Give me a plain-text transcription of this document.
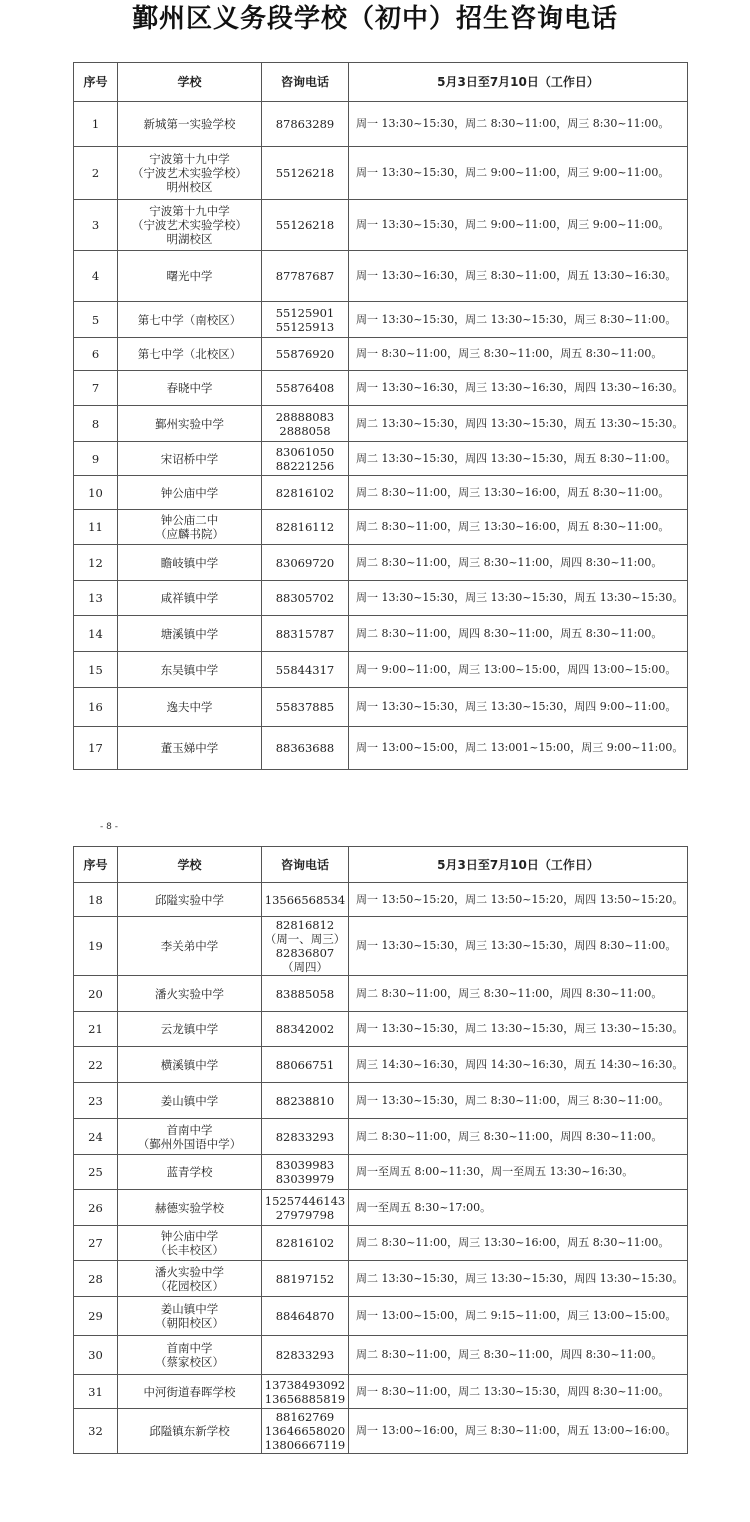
鄞州区义务段学校（初中）招生咨询电话
序号	学校	咨询电话	5月3日至7月10日（工作日）
1	新城第一实验学校	87863289	周一 13:30~15:30，周二 8:30~11:00，周三 8:30~11:00。
2	宁波第十九中学
（宁波艺术实验学校）
明州校区	55126218	周一 13:30~15:30，周二 9:00~11:00，周三 9:00~11:00。
3	宁波第十九中学
（宁波艺术实验学校）
明湖校区	55126218	周一 13:30~15:30，周二 9:00~11:00，周三 9:00~11:00。
4	曙光中学	87787687	周一 13:30~16:30，周三 8:30~11:00，周五 13:30~16:30。
5	第七中学（南校区）	55125901
55125913	周一 13:30~15:30，周二 13:30~15:30，周三 8:30~11:00。
6	第七中学（北校区）	55876920	周一 8:30~11:00，周三 8:30~11:00，周五 8:30~11:00。
7	春晓中学	55876408	周一 13:30~16:30，周三 13:30~16:30，周四 13:30~16:30。
8	鄞州实验中学	28888083
2888058	周二 13:30~15:30，周四 13:30~15:30，周五 13:30~15:30。
9	宋诏桥中学	83061050
88221256	周二 13:30~15:30，周四 13:30~15:30，周五 8:30~11:00。
10	钟公庙中学	82816102	周二 8:30~11:00，周三 13:30~16:00，周五 8:30~11:00。
11	钟公庙二中
（应麟书院）	82816112	周二 8:30~11:00，周三 13:30~16:00，周五 8:30~11:00。
12	瞻岐镇中学	83069720	周二 8:30~11:00，周三 8:30~11:00，周四 8:30~11:00。
13	咸祥镇中学	88305702	周一 13:30~15:30，周三 13:30~15:30，周五 13:30~15:30。
14	塘溪镇中学	88315787	周二 8:30~11:00，周四 8:30~11:00，周五 8:30~11:00。
15	东吴镇中学	55844317	周一 9:00~11:00，周三 13:00~15:00，周四 13:00~15:00。
16	逸夫中学	55837885	周一 13:30~15:30，周三 13:30~15:30，周四 9:00~11:00。
17	董玉娣中学	88363688	周一 13:00~15:00，周二 13:001~15:00，周三 9:00~11:00。
- 8 -
序号	学校	咨询电话	5月3日至7月10日（工作日）
18	邱隘实验中学	13566568534	周一 13:50~15:20，周二 13:50~15:20，周四 13:50~15:20。
19	李关弟中学	82816812
（周一、周三）
82836807
（周四）	周一 13:30~15:30，周三 13:30~15:30，周四 8:30~11:00。
20	潘火实验中学	83885058	周二 8:30~11:00，周三 8:30~11:00，周四 8:30~11:00。
21	云龙镇中学	88342002	周一 13:30~15:30，周二 13:30~15:30，周三 13:30~15:30。
22	横溪镇中学	88066751	周三 14:30~16:30，周四 14:30~16:30，周五 14:30~16:30。
23	姜山镇中学	88238810	周一 13:30~15:30，周二 8:30~11:00，周三 8:30~11:00。
24	首南中学
（鄞州外国语中学）	82833293	周二 8:30~11:00，周三 8:30~11:00，周四 8:30~11:00。
25	蓝青学校	83039983
83039979	周一至周五 8:00~11:30，周一至周五 13:30~16:30。
26	赫德实验学校	15257446143
27979798	周一至周五 8:30~17:00。
27	钟公庙中学
（长丰校区）	82816102	周二 8:30~11:00，周三 13:30~16:00，周五 8:30~11:00。
28	潘火实验中学
（花园校区）	88197152	周二 13:30~15:30，周三 13:30~15:30，周四 13:30~15:30。
29	姜山镇中学
（朝阳校区）	88464870	周一 13:00~15:00，周二 9:15~11:00，周三 13:00~15:00。
30	首南中学
（蔡家校区）	82833293	周二 8:30~11:00，周三 8:30~11:00，周四 8:30~11:00。
31	中河街道春晖学校	13738493092
13656885819	周一 8:30~11:00，周二 13:30~15:30，周四 8:30~11:00。
32	邱隘镇东新学校	88162769
13646658020
13806667119	周一 13:00~16:00，周三 8:30~11:00，周五 13:00~16:00。
